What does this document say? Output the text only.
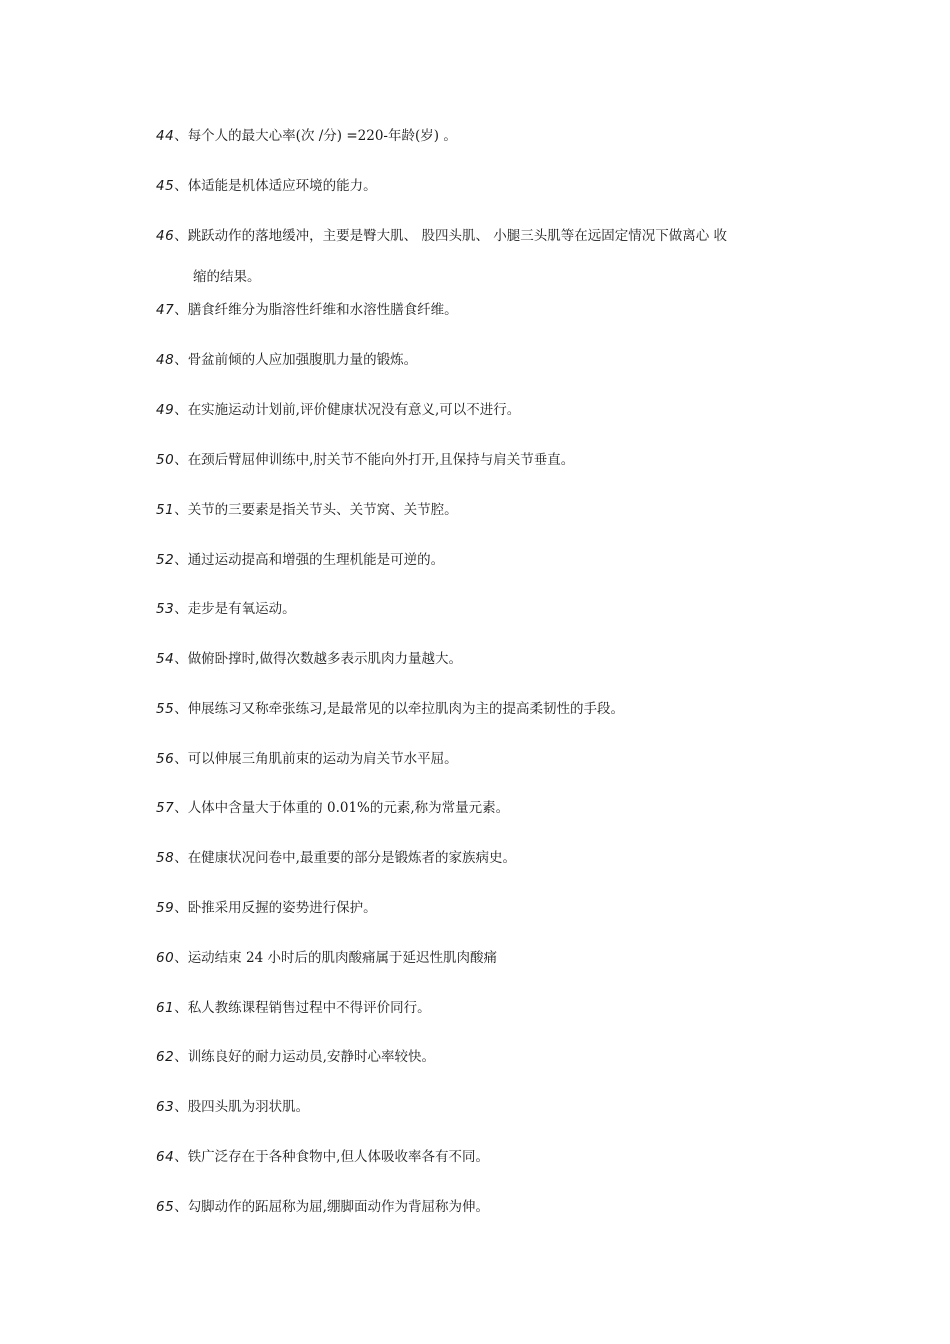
44、每个人的最大心率(次 /分) =220-年龄(岁) 。
45、体适能是机体适应环境的能力。
46、跳跃动作的落地缓冲，主要是臀大肌、 股四头肌、 小腿三头肌等在远固定情况下做离心 收
缩的结果。
47、膳食纤维分为脂溶性纤维和水溶性膳食纤维。
48、骨盆前倾的人应加强腹肌力量的锻炼。
49、在实施运动计划前,评价健康状况没有意义,可以不进行。
50、在颈后臂屈伸训练中,肘关节不能向外打开,且保持与肩关节垂直。
51、关节的三要素是指关节头、关节窝、关节腔。
52、通过运动提高和增强的生理机能是可逆的。
53、走步是有氧运动。
54、做俯卧撑时,做得次数越多表示肌肉力量越大。
55、伸展练习又称牵张练习,是最常见的以牵拉肌肉为主的提高柔韧性的手段。
56、可以伸展三角肌前束的运动为肩关节水平屈。
57、人体中含量大于体重的 0.01%的元素,称为常量元素。
58、在健康状况问卷中,最重要的部分是锻炼者的家族病史。
59、卧推采用反握的姿势进行保护。
60、运动结束 24 小时后的肌肉酸痛属于延迟性肌肉酸痛
61、私人教练课程销售过程中不得评价同行。
62、训练良好的耐力运动员,安静时心率较快。
63、股四头肌为羽状肌。
64、铁广泛存在于各种食物中,但人体吸收率各有不同。
65、勾脚动作的跖屈称为屈,绷脚面动作为背屈称为伸。
